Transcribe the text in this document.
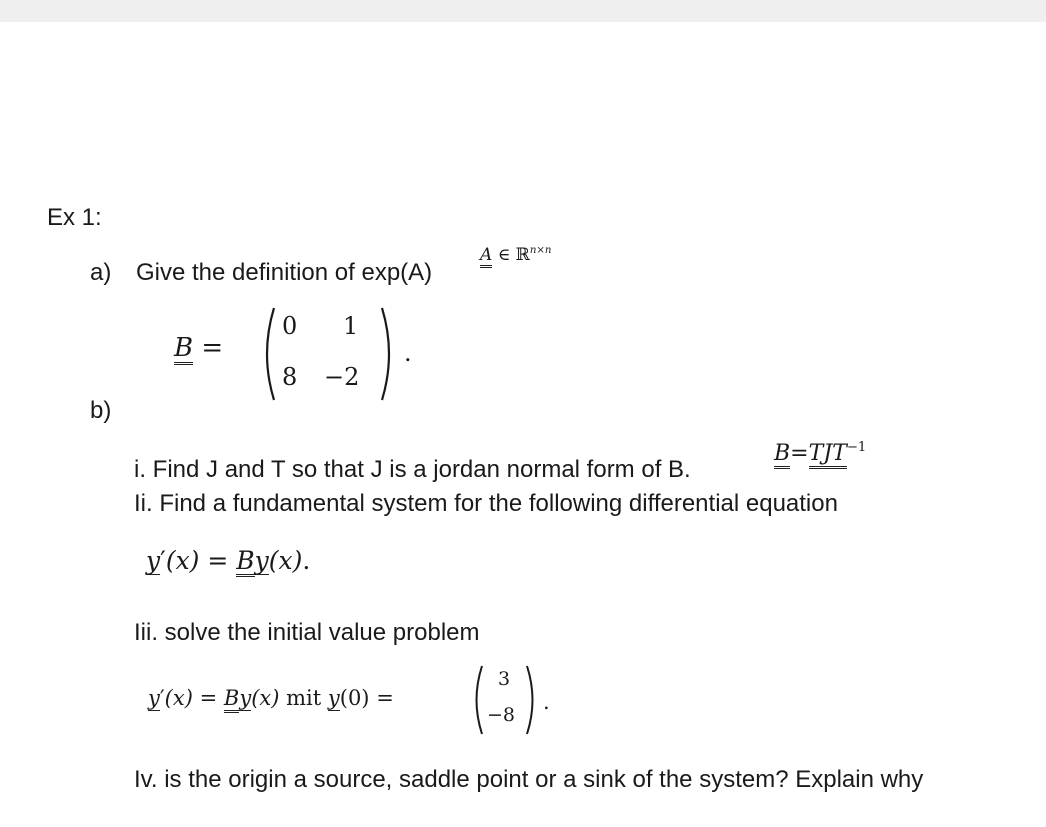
Ex 1:
a) Give the definition of exp(A)
A ∈ ℝ$^{n\times n}$
B =
0 1
8 −2
.
b)
i. Find J and T so that J is a jordan normal form of B.
$B=TJT^{-1}$
Ii. Find a fundamental system for the following differential equation
y′(x) = By(x).
Iii. solve the initial value problem
y′(x) = By(x) mit y(0) =
3
−8
.
Iv. is the origin a source, saddle point or a sink of the system? Explain why
